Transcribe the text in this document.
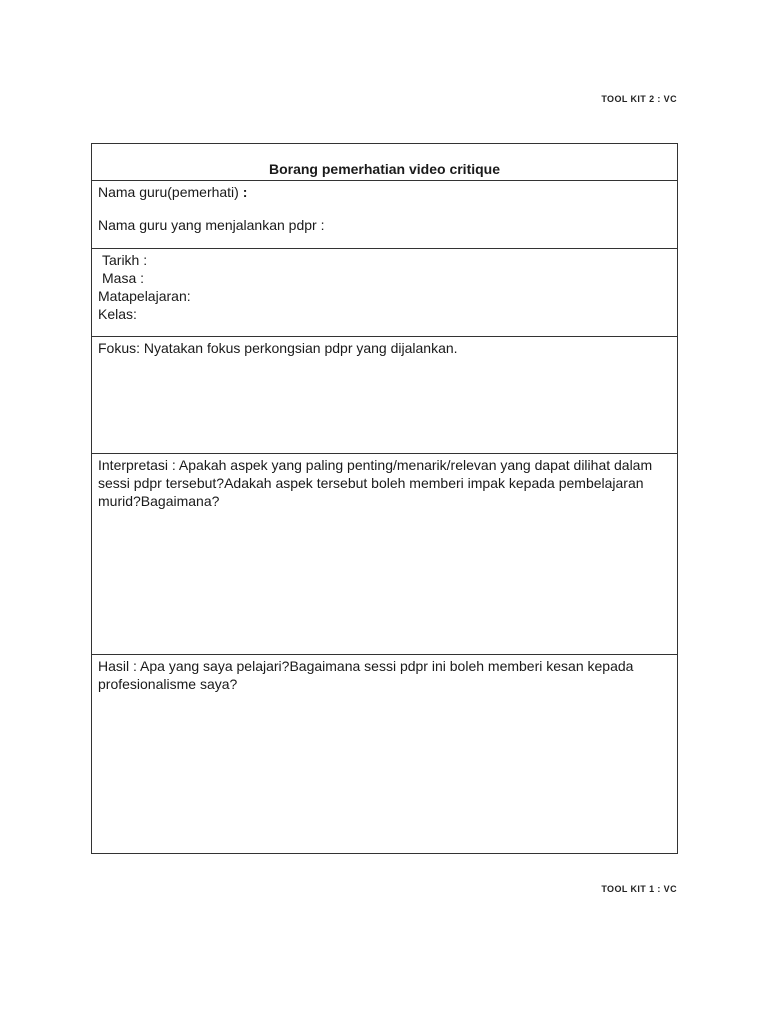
TOOL KIT 2 : VC
Borang pemerhatian video critique
Nama guru(pemerhati) :
Nama guru yang menjalankan pdpr :
Tarikh :
Masa :
Matapelajaran:
Kelas:
Fokus: Nyatakan fokus perkongsian pdpr yang dijalankan.
Interpretasi : Apakah aspek yang paling penting/menarik/relevan yang dapat dilihat dalam sessi pdpr tersebut?Adakah aspek tersebut boleh memberi impak kepada pembelajaran murid?Bagaimana?
Hasil : Apa yang saya pelajari?Bagaimana sessi pdpr ini boleh memberi kesan kepada profesionalisme saya?
TOOL KIT 1 : VC
